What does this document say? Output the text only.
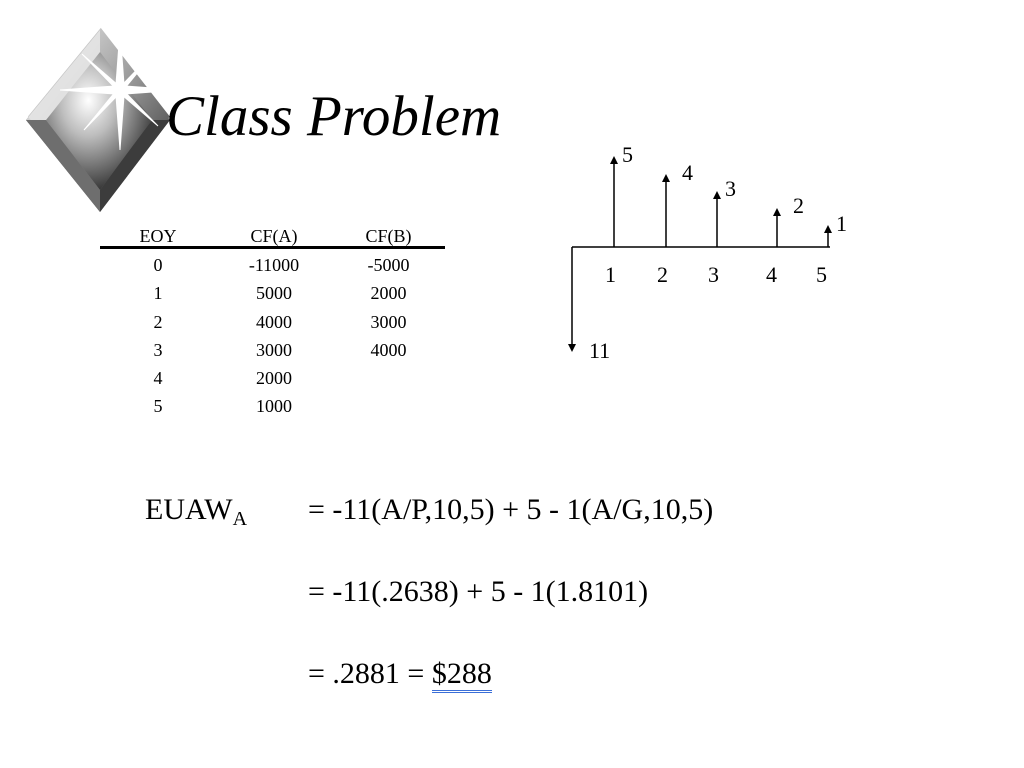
Class Problem
EOY	CF(A)	CF(B)
0	-11000	-5000
1	5000	2000
2	4000	3000
3	3000	4000
4	2000
5	1000
5
4
3
2
1
1 2 3 4 5
11
$EUAW_A = -11(A/P,10,5) + 5 - 1(A/G,10,5)$
= -11(.2638) + 5 - 1(1.8101)
= .2881 = $288
